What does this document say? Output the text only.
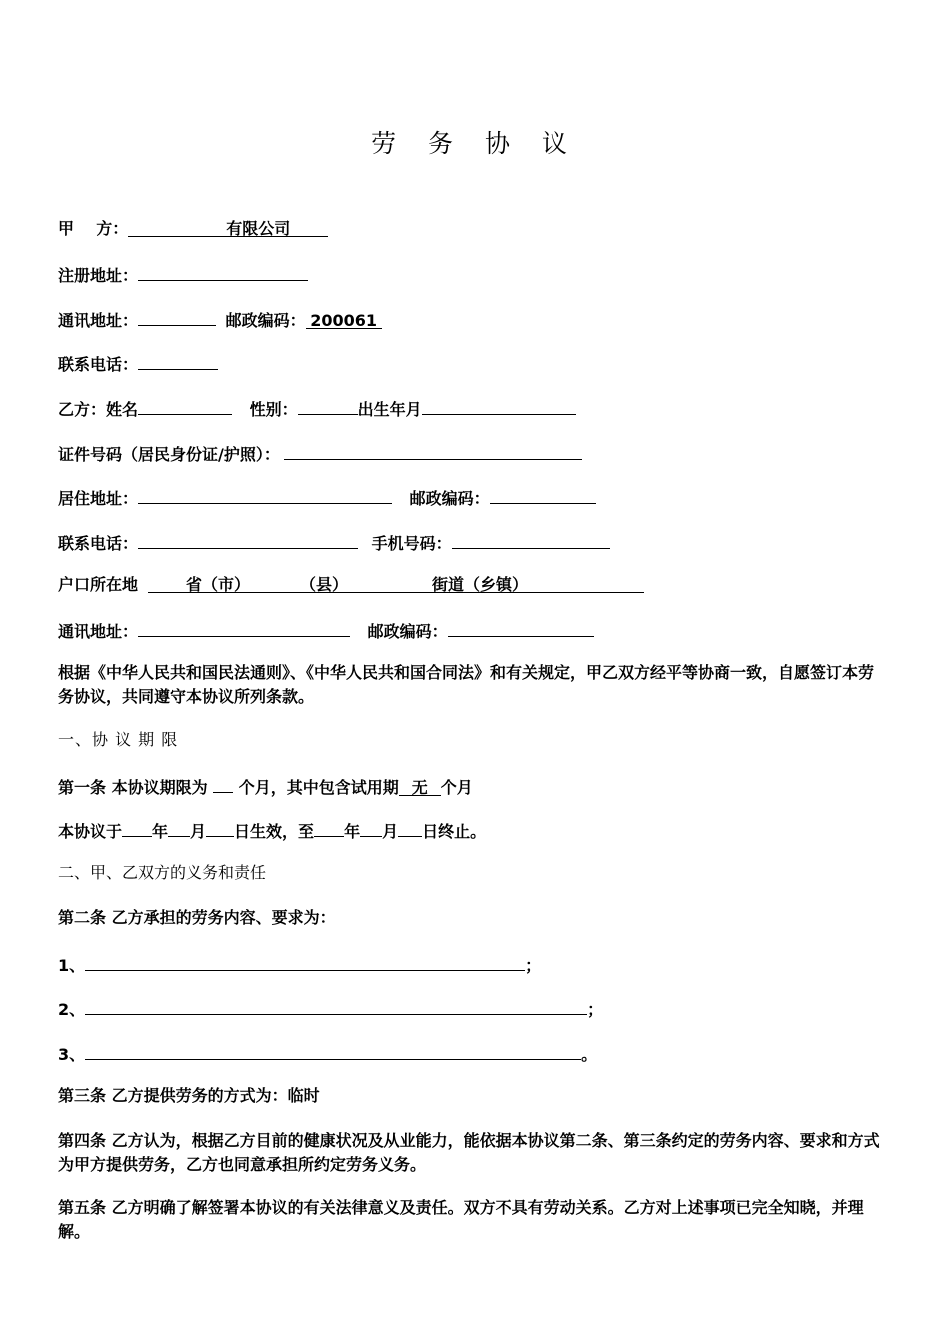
劳 务 协 议
甲    方：	有限公司
注册地址：
通讯地址：	邮政编码： 200061
联系电话：
乙方：姓名	性别：	出生年月
证件号码（居民身份证/护照）：
居住地址：	邮政编码：
联系电话：	手机号码：
户口所在地	省（市）	（县）	街道（乡镇）
通讯地址：	邮政编码：
根据《中华人民共和国民法通则》、《中华人民共和国合同法》和有关规定，甲乙双方经平等协商一致，自愿签订本劳务协议，共同遵守本协议所列条款。
一、协 议 期 限
第一条 本协议期限为 个月，其中包含试用期 无 个月
本协议于 年 月 日生效，至 年 月 日终止。
二、甲、乙双方的义务和责任
第二条 乙方承担的劳务内容、要求为：
1、	；
2、	；
3、	。
第三条 乙方提供劳务的方式为：临时
第四条 乙方认为，根据乙方目前的健康状况及从业能力，能依据本协议第二条、第三条约定的劳务内容、要求和方式为甲方提供劳务，乙方也同意承担所约定劳务义务。
第五条 乙方明确了解签署本协议的有关法律意义及责任。双方不具有劳动关系。乙方对上述事项已完全知晓，并理解。
